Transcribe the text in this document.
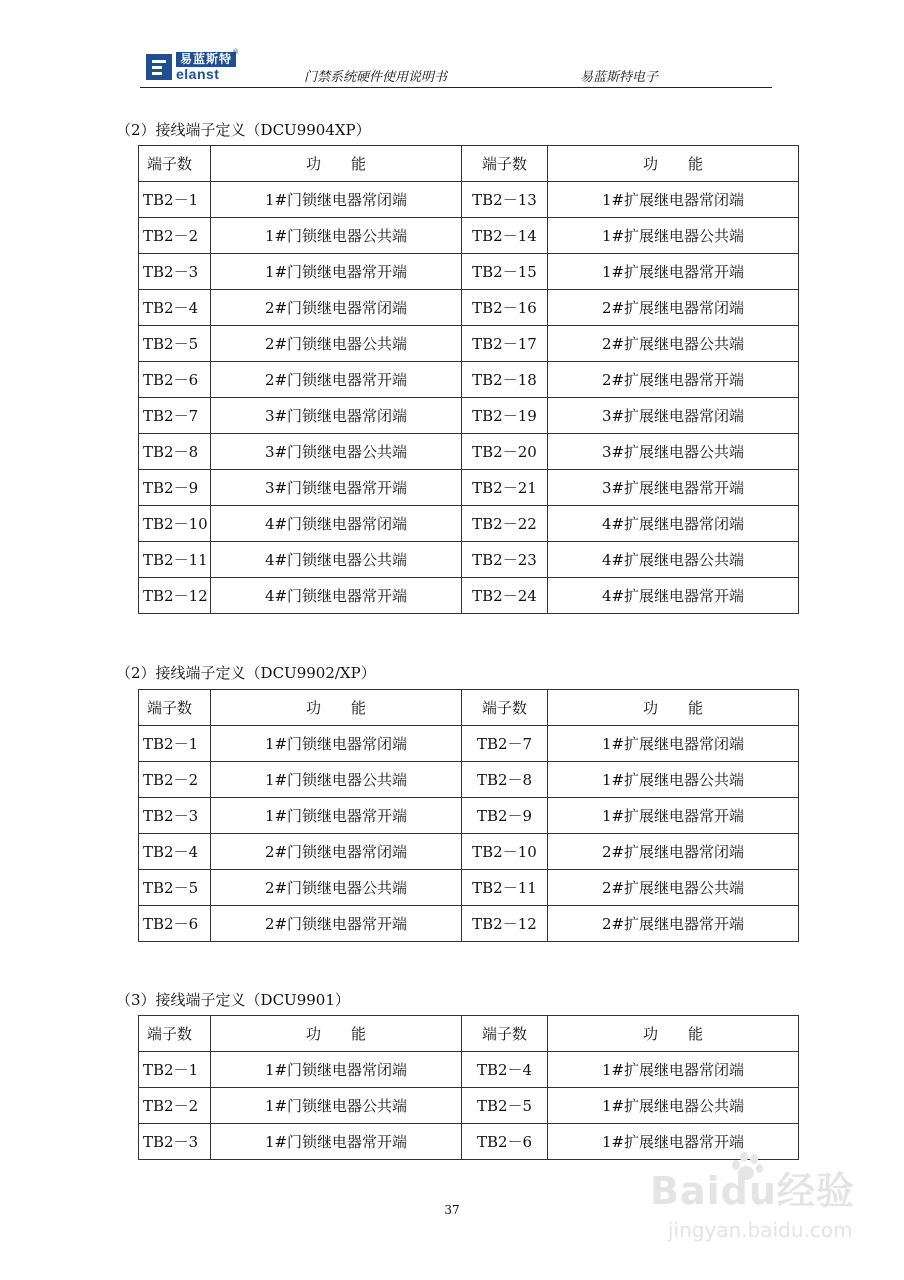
易蓝斯特 ®
elanst	门禁系统硬件使用说明书	易蓝斯特电子
（2）接线端子定义（DCU9904XP）
端子数	功　　能	端子数	功　　能
TB2－1	1#门锁继电器常闭端	TB2－13	1#扩展继电器常闭端
TB2－2	1#门锁继电器公共端	TB2－14	1#扩展继电器公共端
TB2－3	1#门锁继电器常开端	TB2－15	1#扩展继电器常开端
TB2－4	2#门锁继电器常闭端	TB2－16	2#扩展继电器常闭端
TB2－5	2#门锁继电器公共端	TB2－17	2#扩展继电器公共端
TB2－6	2#门锁继电器常开端	TB2－18	2#扩展继电器常开端
TB2－7	3#门锁继电器常闭端	TB2－19	3#扩展继电器常闭端
TB2－8	3#门锁继电器公共端	TB2－20	3#扩展继电器公共端
TB2－9	3#门锁继电器常开端	TB2－21	3#扩展继电器常开端
TB2－10	4#门锁继电器常闭端	TB2－22	4#扩展继电器常闭端
TB2－11	4#门锁继电器公共端	TB2－23	4#扩展继电器公共端
TB2－12	4#门锁继电器常开端	TB2－24	4#扩展继电器常开端
（2）接线端子定义（DCU9902/XP）
端子数	功　　能	端子数	功　　能
TB2－1	1#门锁继电器常闭端	TB2－7	1#扩展继电器常闭端
TB2－2	1#门锁继电器公共端	TB2－8	1#扩展继电器公共端
TB2－3	1#门锁继电器常开端	TB2－9	1#扩展继电器常开端
TB2－4	2#门锁继电器常闭端	TB2－10	2#扩展继电器常闭端
TB2－5	2#门锁继电器公共端	TB2－11	2#扩展继电器公共端
TB2－6	2#门锁继电器常开端	TB2－12	2#扩展继电器常开端
（3）接线端子定义（DCU9901）
端子数	功　　能	端子数	功　　能
TB2－1	1#门锁继电器常闭端	TB2－4	1#扩展继电器常闭端
TB2－2	1#门锁继电器公共端	TB2－5	1#扩展继电器公共端
TB2－3	1#门锁继电器常开端	TB2－6	1#扩展继电器常开端
37	Baidu经验
jingyan.baidu.com
